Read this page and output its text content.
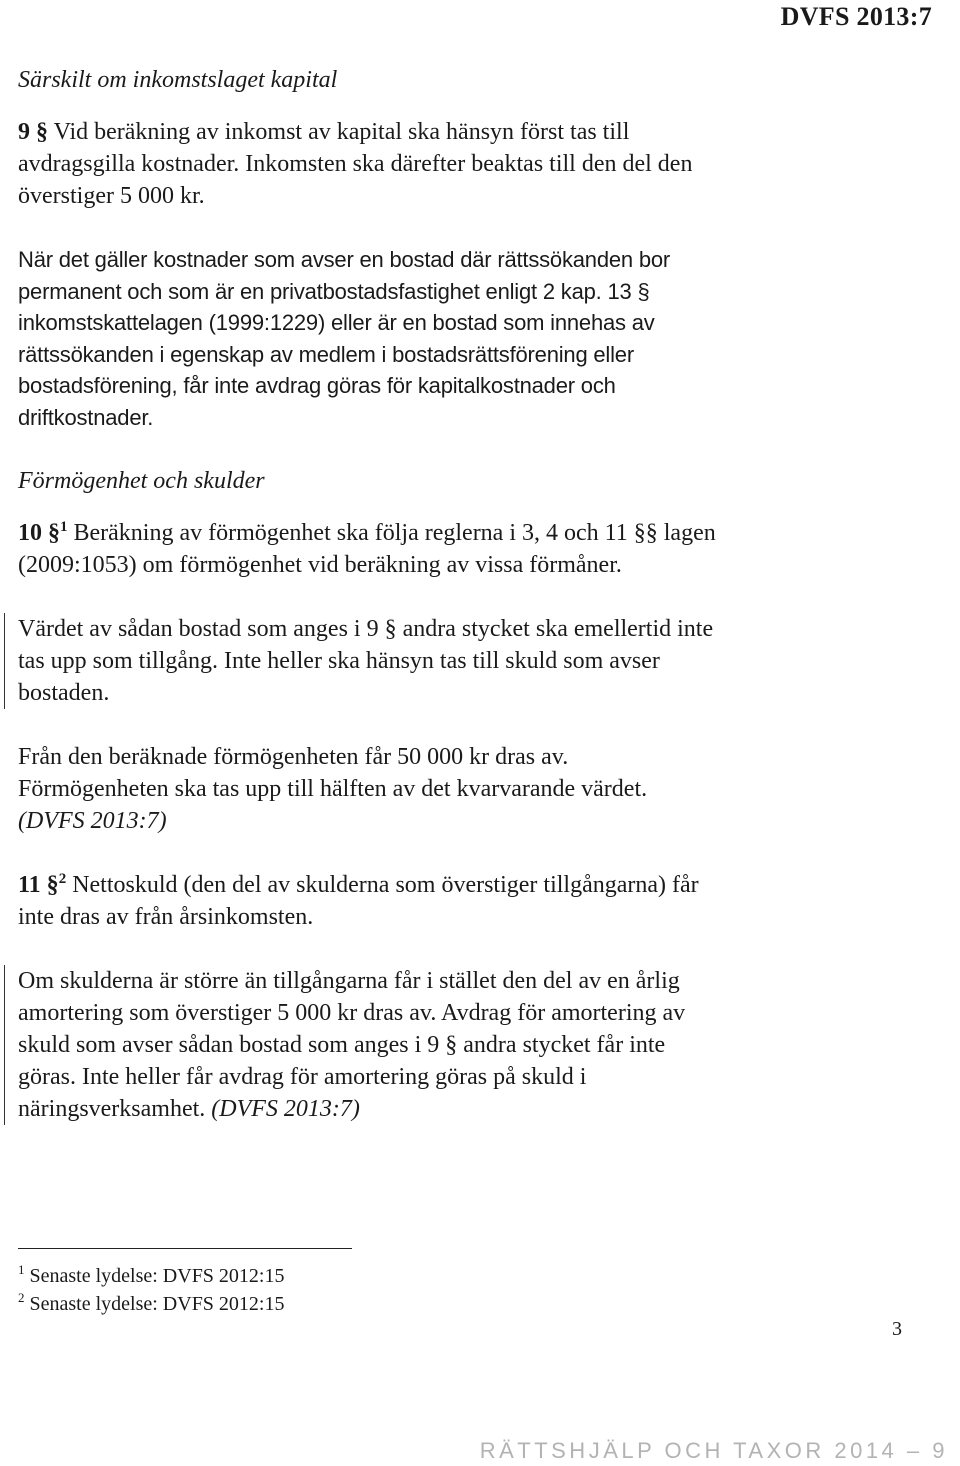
DVFS 2013:7
Särskilt om inkomstslaget kapital

9 § Vid beräkning av inkomst av kapital ska hänsyn först tas till avdragsgilla kostnader. Inkomsten ska därefter beaktas till den del den överstiger 5 000 kr.

När det gäller kostnader som avser en bostad där rättssökanden bor permanent och som är en privatbostadsfastighet enligt 2 kap. 13 § inkomstskattelagen (1999:1229) eller är en bostad som innehas av rättssökanden i egenskap av medlem i bostadsrättsförening eller bostadsförening, får inte avdrag göras för kapitalkostnader och driftkostnader.

Förmögenhet och skulder

10 §$^1$ Beräkning av förmögenhet ska följa reglerna i 3, 4 och 11 §§ lagen (2009:1053) om förmögenhet vid beräkning av vissa förmåner.

Värdet av sådan bostad som anges i 9 § andra stycket ska emellertid inte tas upp som tillgång. Inte heller ska hänsyn tas till skuld som avser bostaden.

Från den beräknade förmögenheten får 50 000 kr dras av. Förmögenheten ska tas upp till hälften av det kvarvarande värdet. (DVFS 2013:7)

11 §$^2$ Nettoskuld (den del av skulderna som överstiger tillgångarna) får inte dras av från årsinkomsten.

Om skulderna är större än tillgångarna får i stället den del av en årlig amortering som överstiger 5 000 kr dras av. Avdrag för amortering av skuld som avser sådan bostad som anges i 9 § andra stycket får inte göras. Inte heller får avdrag för amortering göras på skuld i näringsverksamhet. (DVFS 2013:7)

$^1$ Senaste lydelse: DVFS 2012:15
$^2$ Senaste lydelse: DVFS 2012:15
3
RÄTTSHJÄLP OCH TAXOR 2014 – 9
